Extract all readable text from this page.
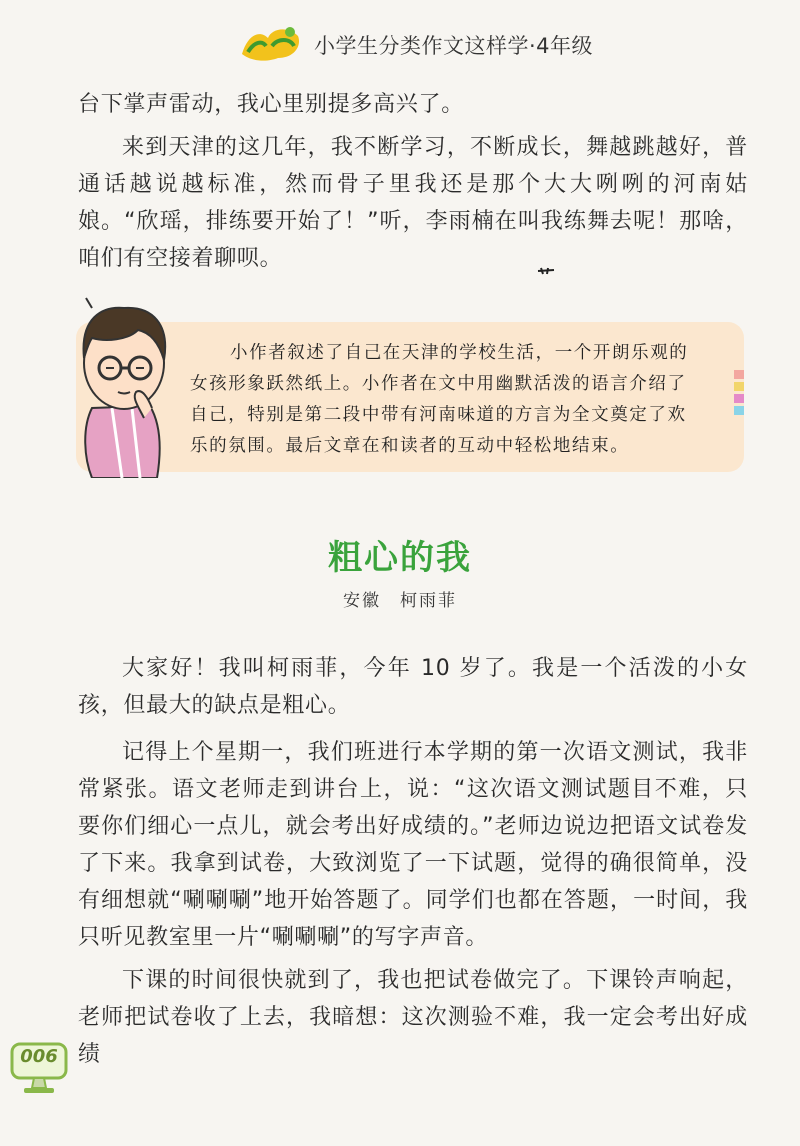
小学生分类作文这样学·4年级

台下掌声雷动，我心里别提多高兴了。

来到天津的这几年，我不断学习，不断成长，舞越跳越好，普通话越说越标准，然而骨子里我还是那个大大咧咧的河南姑娘。“欣瑶，排练要开始了！”听，李雨楠在叫我练舞去呢！那啥，咱们有空接着聊呗。

小作者叙述了自己在天津的学校生活，一个开朗乐观的女孩形象跃然纸上。小作者在文中用幽默活泼的语言介绍了自己，特别是第二段中带有河南味道的方言为全文奠定了欢乐的氛围。最后文章在和读者的互动中轻松地结束。

粗心的我
安徽　柯雨菲

大家好！我叫柯雨菲，今年 10 岁了。我是一个活泼的小女孩，但最大的缺点是粗心。

记得上个星期一，我们班进行本学期的第一次语文测试，我非常紧张。语文老师走到讲台上，说：“这次语文测试题目不难，只要你们细心一点儿，就会考出好成绩的。”老师边说边把语文试卷发了下来。我拿到试卷，大致浏览了一下试题，觉得的确很简单，没有细想就“唰唰唰”地开始答题了。同学们也都在答题，一时间，我只听见教室里一片“唰唰唰”的写字声音。

下课的时间很快就到了，我也把试卷做完了。下课铃声响起，老师把试卷收了上去，我暗想：这次测验不难，我一定会考出好成绩

006
